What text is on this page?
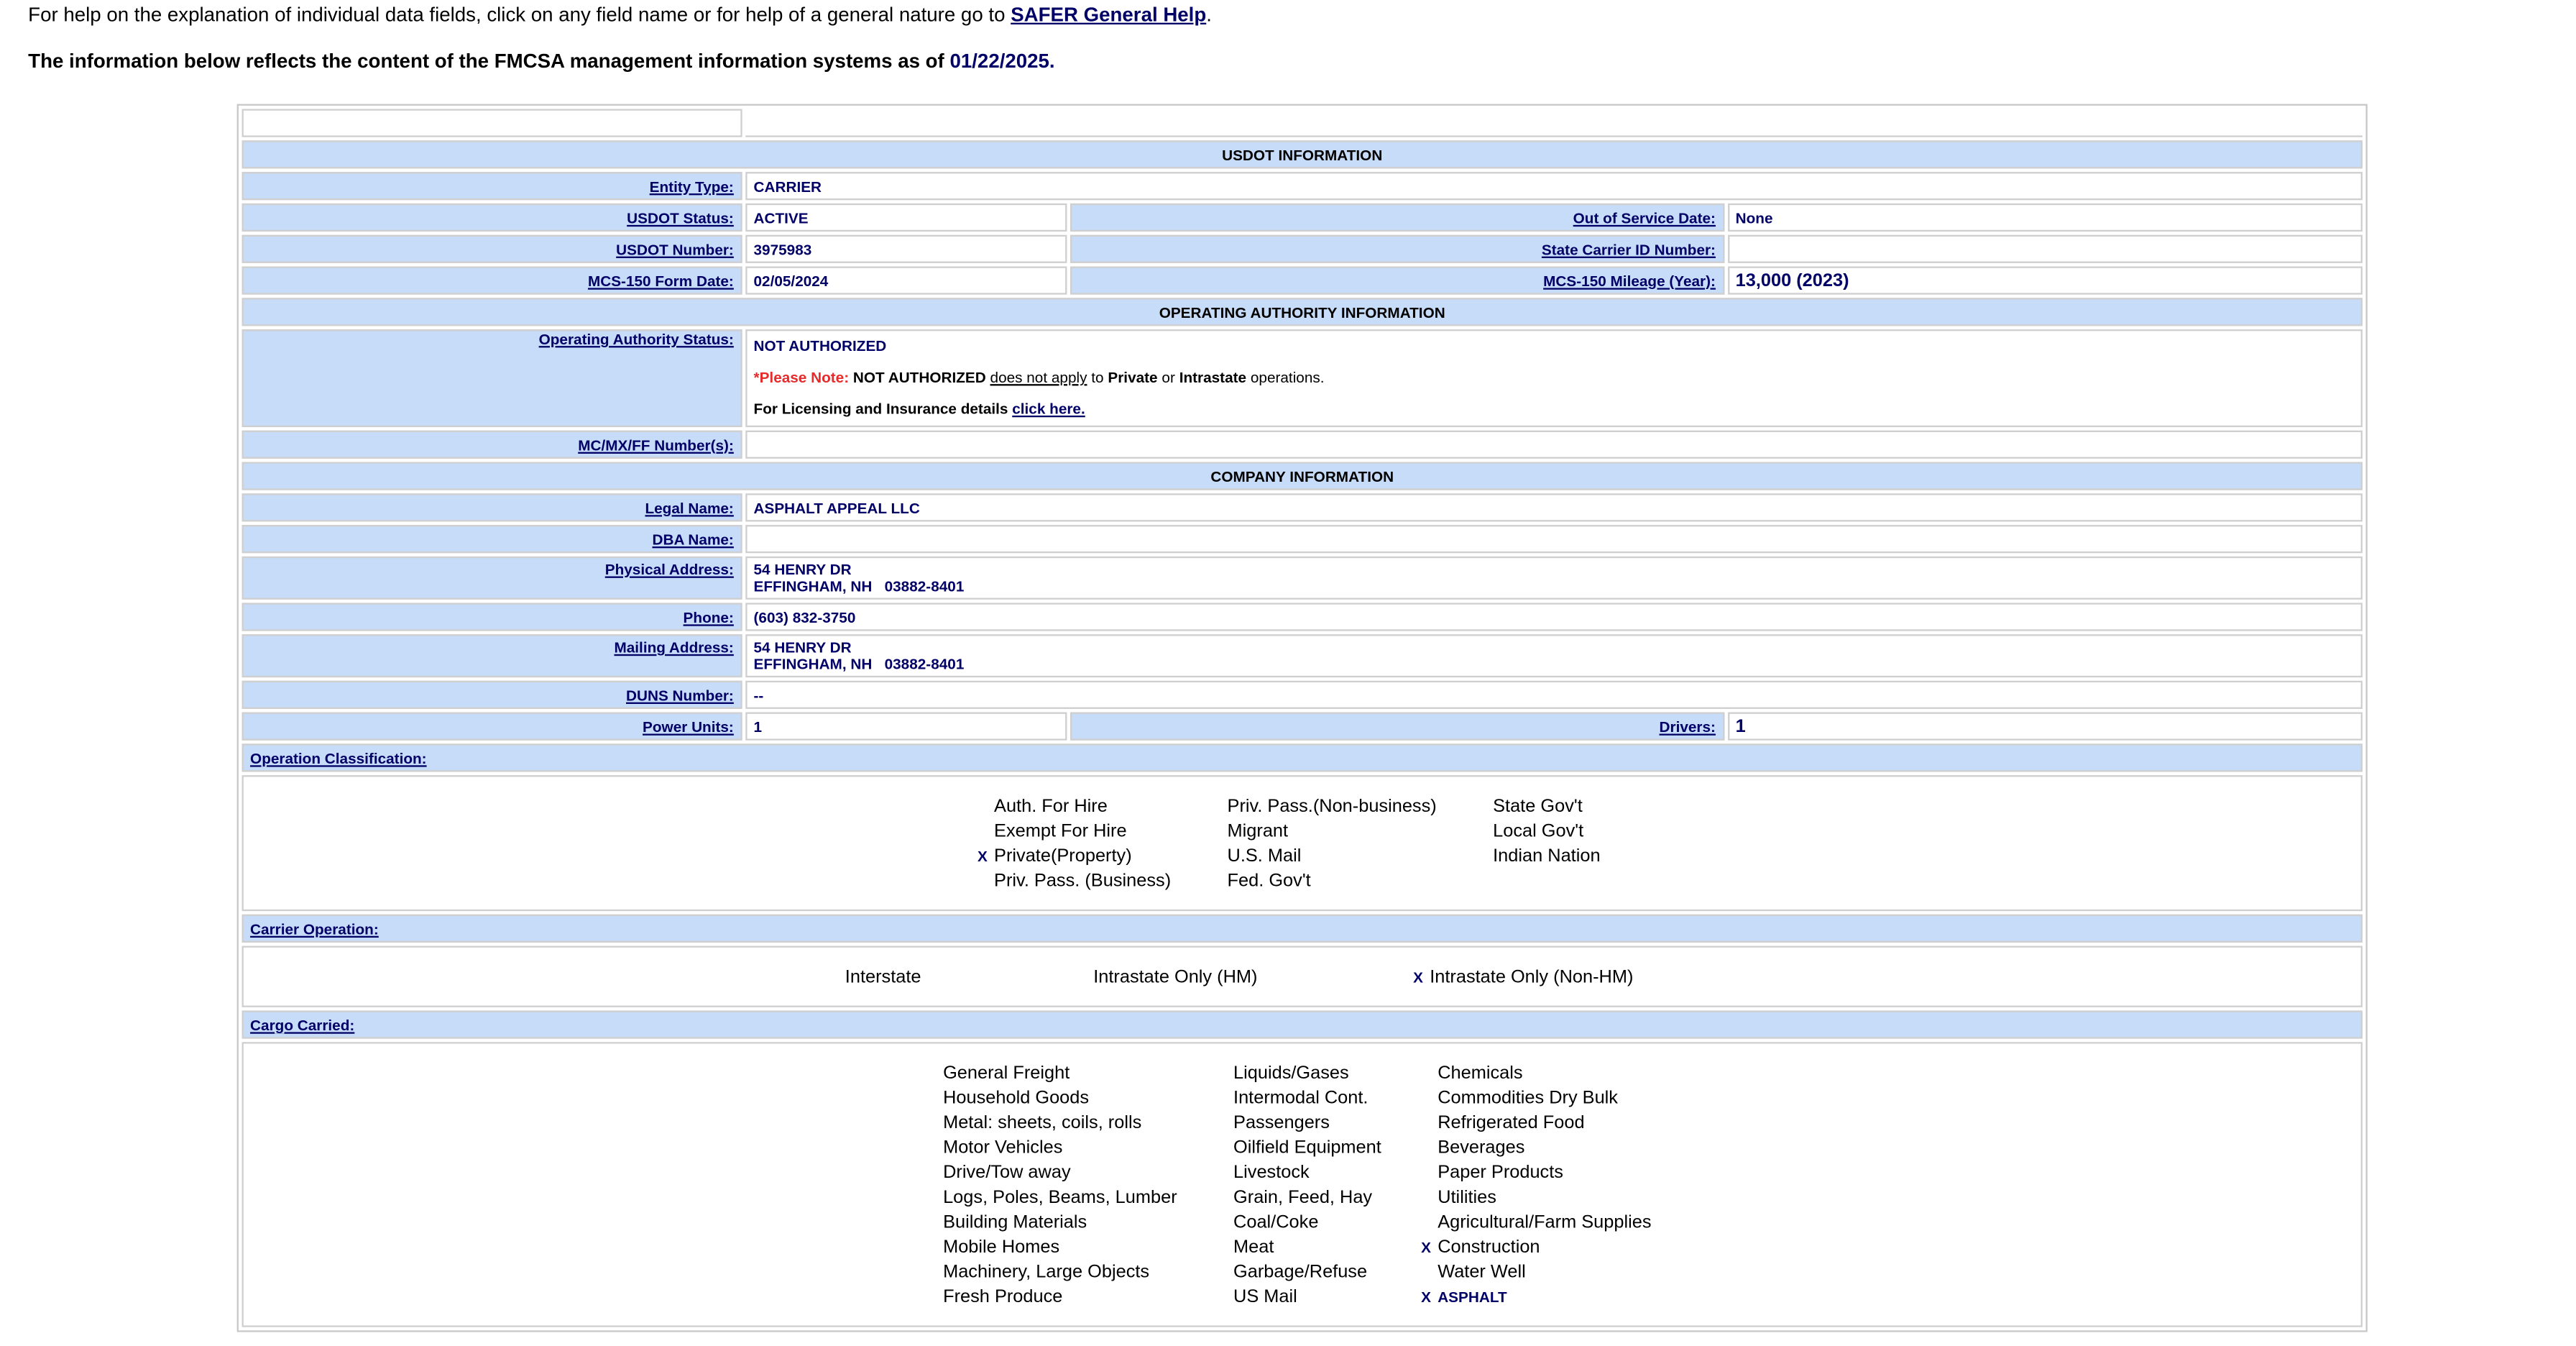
For help on the explanation of individual data fields, click on any field name or for help of a general nature go to SAFER General Help.
The information below reflects the content of the FMCSA management information systems as of 01/22/2025.

USDOT INFORMATION
Entity Type:	CARRIER
USDOT Status:	ACTIVE	Out of Service Date:	None
USDOT Number:	3975983	State Carrier ID Number:	
MCS-150 Form Date:	02/05/2024	MCS-150 Mileage (Year):	13,000 (2023)
OPERATING AUTHORITY INFORMATION
Operating Authority Status:	NOT AUTHORIZED
*Please Note: NOT AUTHORIZED does not apply to Private or Intrastate operations.
For Licensing and Insurance details click here.

MC/MX/FF Number(s):	
COMPANY INFORMATION
Legal Name:	ASPHALT APPEAL LLC
DBA Name:	
Physical Address:	54 HENRY DR
EFFINGHAM, NH   03882-8401

Phone:	(603) 832-3750
Mailing Address:	54 HENRY DR
EFFINGHAM, NH   03882-8401

DUNS Number:	--
Power Units:	1	Drivers:	1
Operation Classification:

	Auth. For Hire		Priv. Pass.(Non-business)		State Gov't
	Exempt For Hire		Migrant		Local Gov't
X	Private(Property)		U.S. Mail		Indian Nation
	Priv. Pass. (Business)		Fed. Gov't		

Carrier Operation:

	Interstate		Intrastate Only (HM)	X	Intrastate Only (Non-HM)

Cargo Carried:

	General Freight		Liquids/Gases		Chemicals
	Household Goods		Intermodal Cont.		Commodities Dry Bulk
	Metal: sheets, coils, rolls		Passengers		Refrigerated Food
	Motor Vehicles		Oilfield Equipment		Beverages
	Drive/Tow away		Livestock		Paper Products
	Logs, Poles, Beams, Lumber		Grain, Feed, Hay		Utilities
	Building Materials		Coal/Coke		Agricultural/Farm Supplies
	Mobile Homes		Meat	X	Construction
	Machinery, Large Objects		Garbage/Refuse		Water Well
	Fresh Produce		US Mail	X	ASPHALT
